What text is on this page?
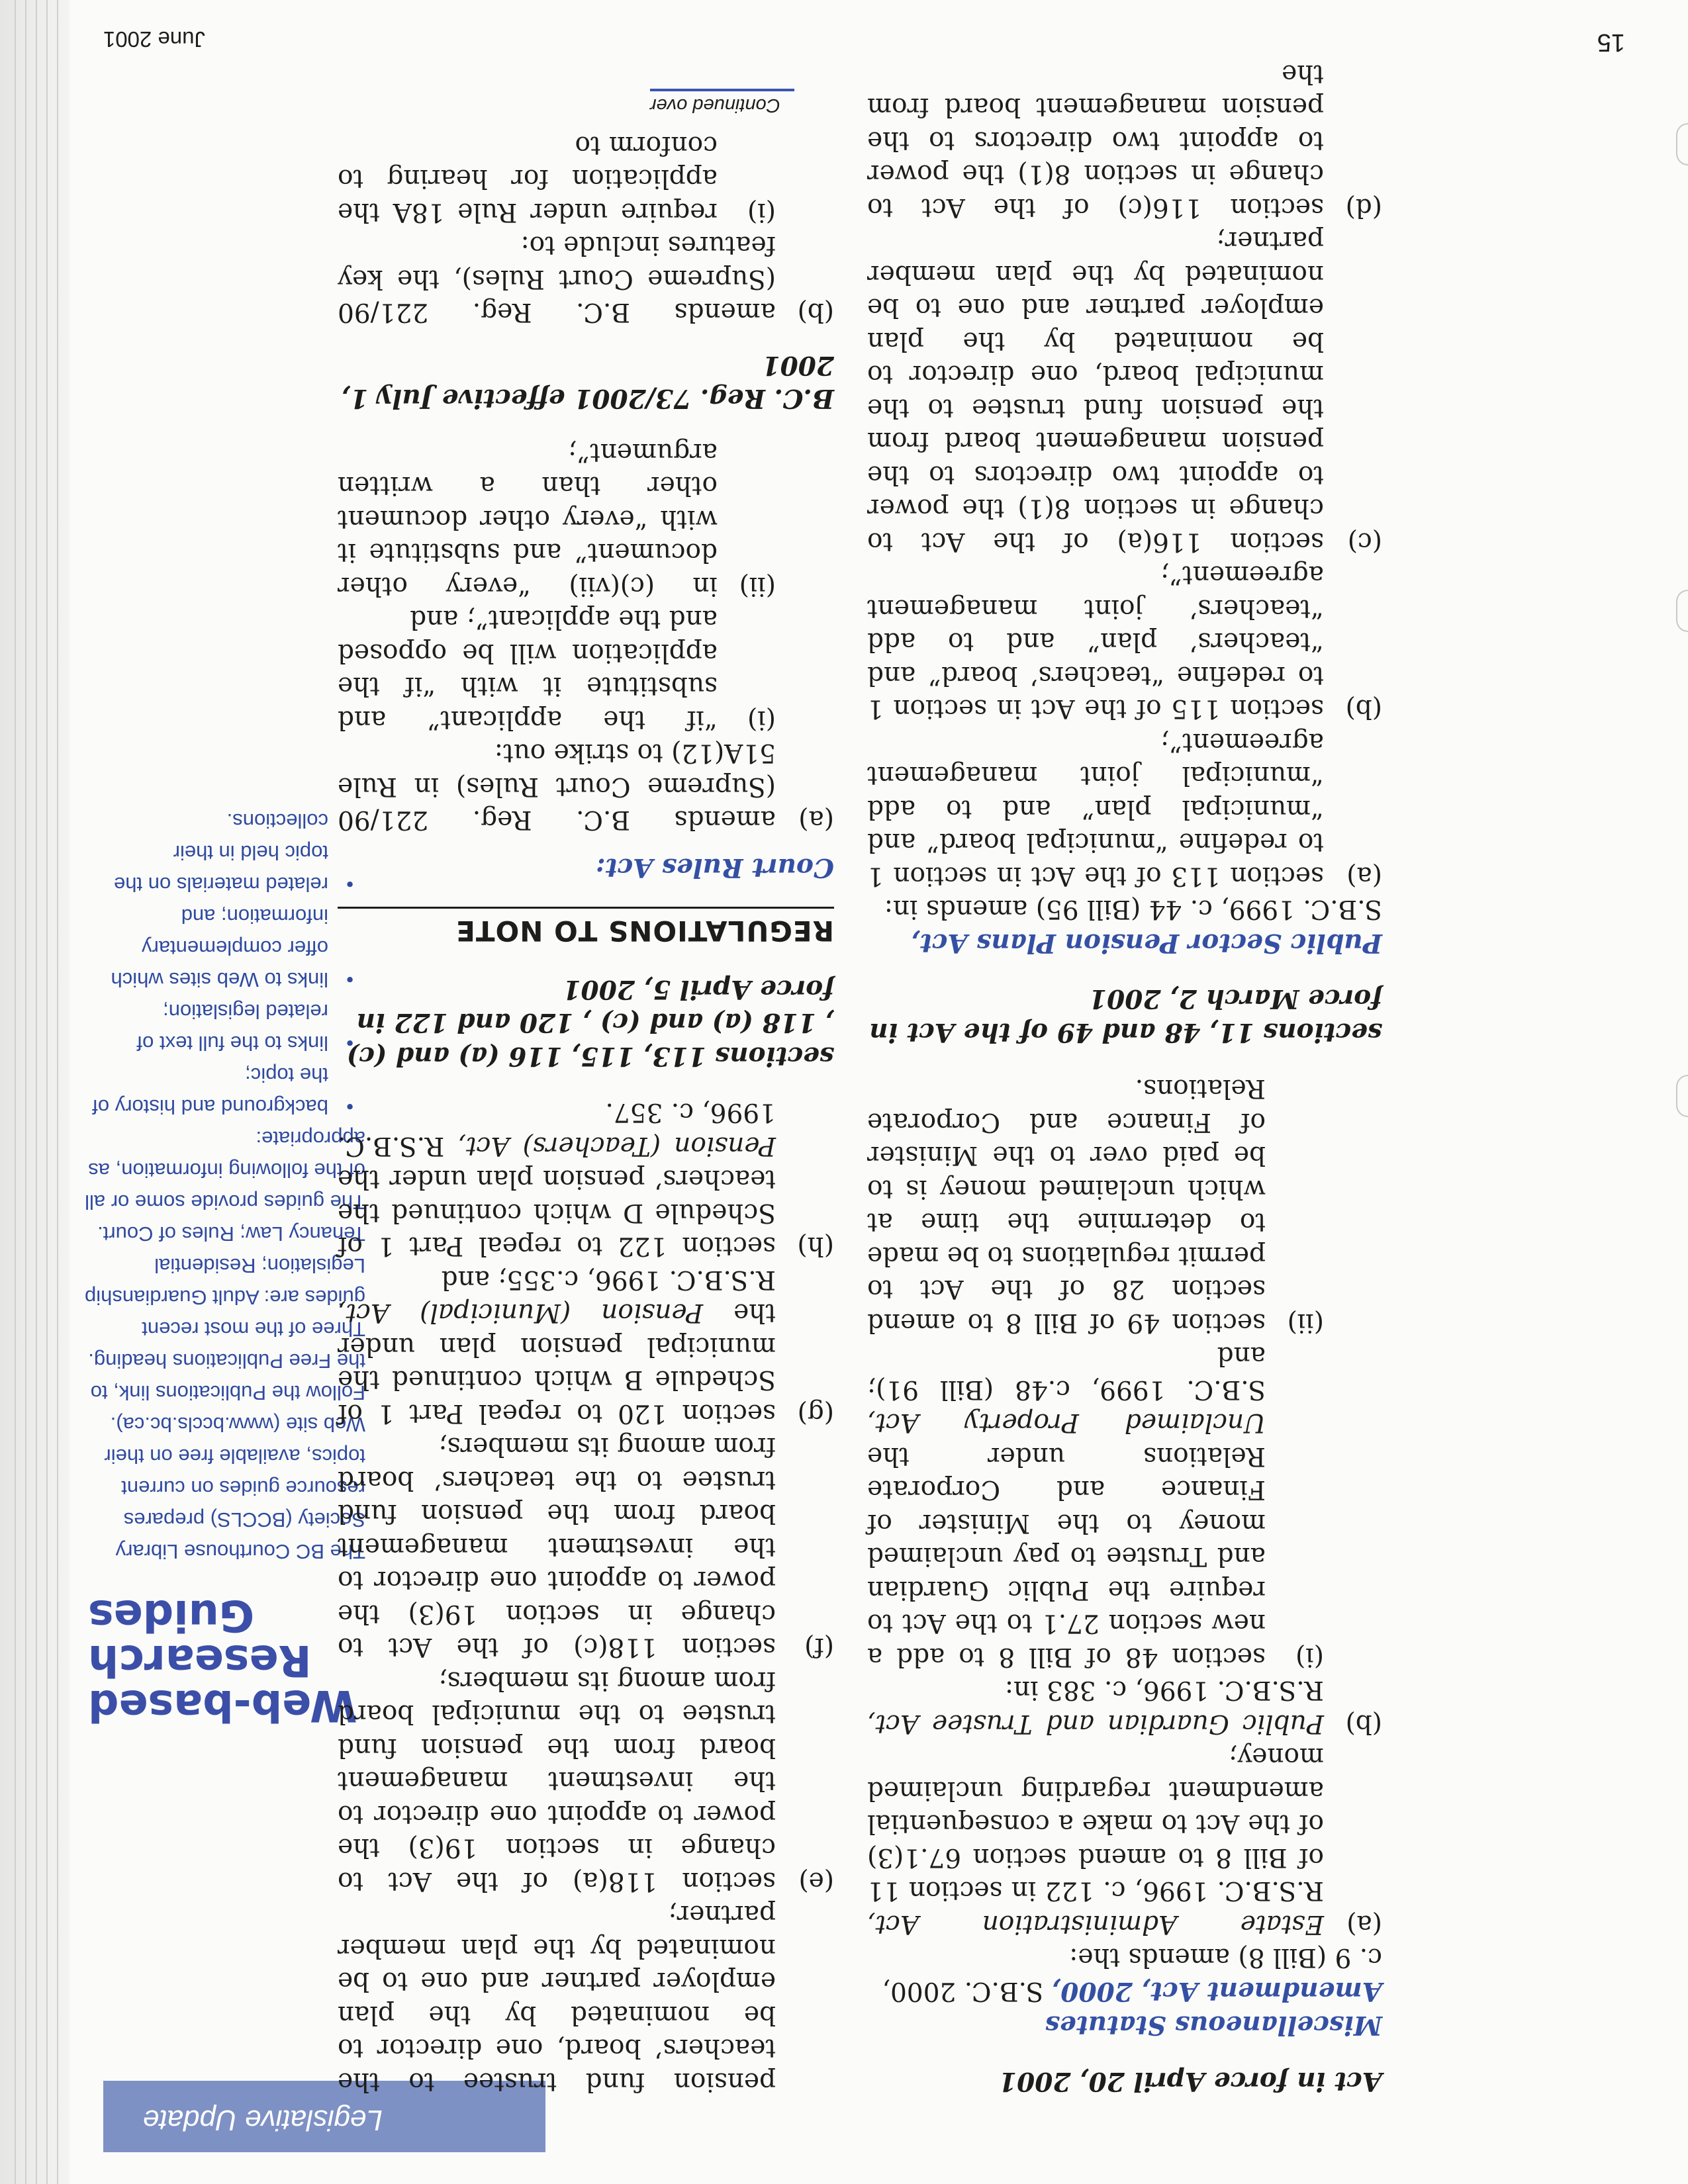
Legislative Update
Web-based Research Guides
The BC Courthouse Library Society (BCCLS) prepares resource guides on current topics, available free on their Web site (www.bccls.bc.ca). Follow the Publications link, to the Free Publications heading. Three of the most recent guides are: Adult Guardianship Legislation; Residential Tenancy Law; Rules of Court. The guides provide some or all of the following information, as appropriate:
• background and history of the topic;
• links to the full text of related legislation;
• links to Web sites which offer complementary information; and
• related materials on the topic held in their collections.

Act in force April 20, 2001

Miscellaneous Statutes Amendment Act, 2000, S.B.C. 2000, c. 9 (Bill 8) amends the:

(a)
Estate Administration Act, R.S.B.C. 1996, c. 122 in section 11 of Bill 8 to amend section 67.1(3) of the Act to make a consequential amendment regarding unclaimed money;
(b)
Public Guardian and Trustee Act, R.S.B.C. 1996, c. 383 in:
(i)
section 48 of Bill 8 to add a new section 27.1 to the Act to require the Public Guardian and Trustee to pay unclaimed money to the Minister of Finance and Corporate Relations under the Unclaimed Property Act, S.B.C. 1999, c.48 (Bill 91); and
(ii)
section 49 of Bill 8 to amend section 28 of the Act to permit regulations to be made to determine the time at which unclaimed money is to be paid over to the Minister of Finance and Corporate Relations.

sections 11, 48 and 49 of the Act in force March 2, 2001

Public Sector Pension Plans Act, S.B.C. 1999, c. 44 (Bill 95) amends in:

(a)
section 113 of the Act in section 1 to redefine “municipal board” and “municipal plan” and to add “municipal joint management agreement”;
(b)
section 115 of the Act in section 1 to redefine “teachers’ board” and “teachers’ plan” and to add “teachers’ joint management agreement”;
(c)
section 116(a) of the Act to change in section 8(1) the power to appoint two directors to the pension management board from the pension fund trustee to the municipal board, one director to be nominated by the plan employer partner and one to be nominated by the plan member partner;
(d)
section 116(c) of the Act to change in section 8(1) the power to appoint two directors to the pension management board from the
pension fund trustee to the teachers’ board, one director to be nominated by the plan employer partner and one to be nominated by the plan member partner;
(e)
section 118(a) of the Act to change in section 19(3) the power to appoint one director to the investment management board from the pension fund trustee to the municipal board from among its members;
(f)
section 118(c) of the Act to change in section 19(3) the power to appoint one director to the investment management board from the pension fund trustee to the teachers’ board from among its members;
(g)
section 120 to repeal Part 1 of Schedule B which continued the municipal pension plan under the Pension (Municipal) Act, R.S.B.C. 1996, c.355; and
(h)
section 122 to repeal Part 1 of Schedule D which continued the teachers’ pension plan under the Pension (Teachers) Act, R.S.B.C. 1996, c. 357.

sections 113, 115, 116 (a) and (c) , 118 (a) and (c) , 120 and 122 in force April 5, 2001

REGULATIONS TO NOTE

Court Rules Act:

(a)
amends B.C. Reg. 221/90 (Supreme Court Rules) in Rule 51A(12) to strike out:
(i)
“if the applicant” and substitute it with “if the application will be opposed and the applicant”; and
(ii)
in (c)(vii) “every other document” and substitute it with “every other document other than a written argument”;

B.C. Reg. 73/2001 effective July 1, 2001

(b)
amends B.C. Reg. 221/90 (Supreme Court Rules), the key features include to:
(i)
require under Rule 18A the application for hearing to conform to
Continued over
June 2001	15
